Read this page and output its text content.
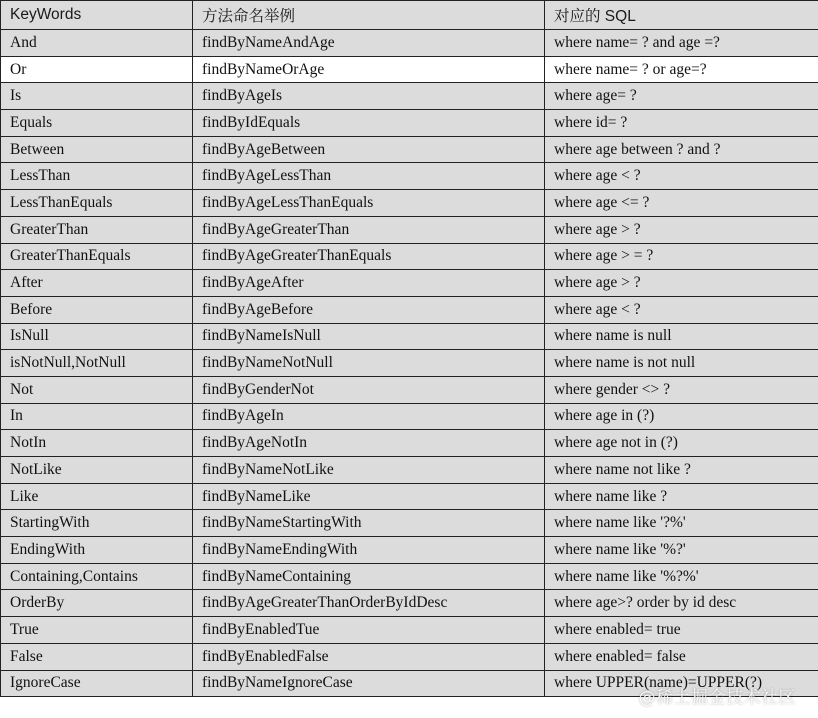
KeyWords	方法命名举例	对应的 SQL
And	findByNameAndAge	where name= ? and age =?
Or	findByNameOrAge	where name= ? or age=?
Is	findByAgeIs	where age= ?
Equals	findByIdEquals	where id= ?
Between	findByAgeBetween	where age between ? and ?
LessThan	findByAgeLessThan	where age < ?
LessThanEquals	findByAgeLessThanEquals	where age <= ?
GreaterThan	findByAgeGreaterThan	where age > ?
GreaterThanEquals	findByAgeGreaterThanEquals	where age > = ?
After	findByAgeAfter	where age > ?
Before	findByAgeBefore	where age < ?
IsNull	findByNameIsNull	where name is null
isNotNull,NotNull	findByNameNotNull	where name is not null
Not	findByGenderNot	where gender <> ?
In	findByAgeIn	where age in (?)
NotIn	findByAgeNotIn	where age not in (?)
NotLike	findByNameNotLike	where name not like ?
Like	findByNameLike	where name like ?
StartingWith	findByNameStartingWith	where name like '?%'
EndingWith	findByNameEndingWith	where name like '%?'
Containing,Contains	findByNameContaining	where name like '%?%'
OrderBy	findByAgeGreaterThanOrderByIdDesc	where age>? order by id desc
True	findByEnabledTue	where enabled= true
False	findByEnabledFalse	where enabled= false
IgnoreCase	findByNameIgnoreCase	where UPPER(name)=UPPER(?)
@稀土掘金技术社区
